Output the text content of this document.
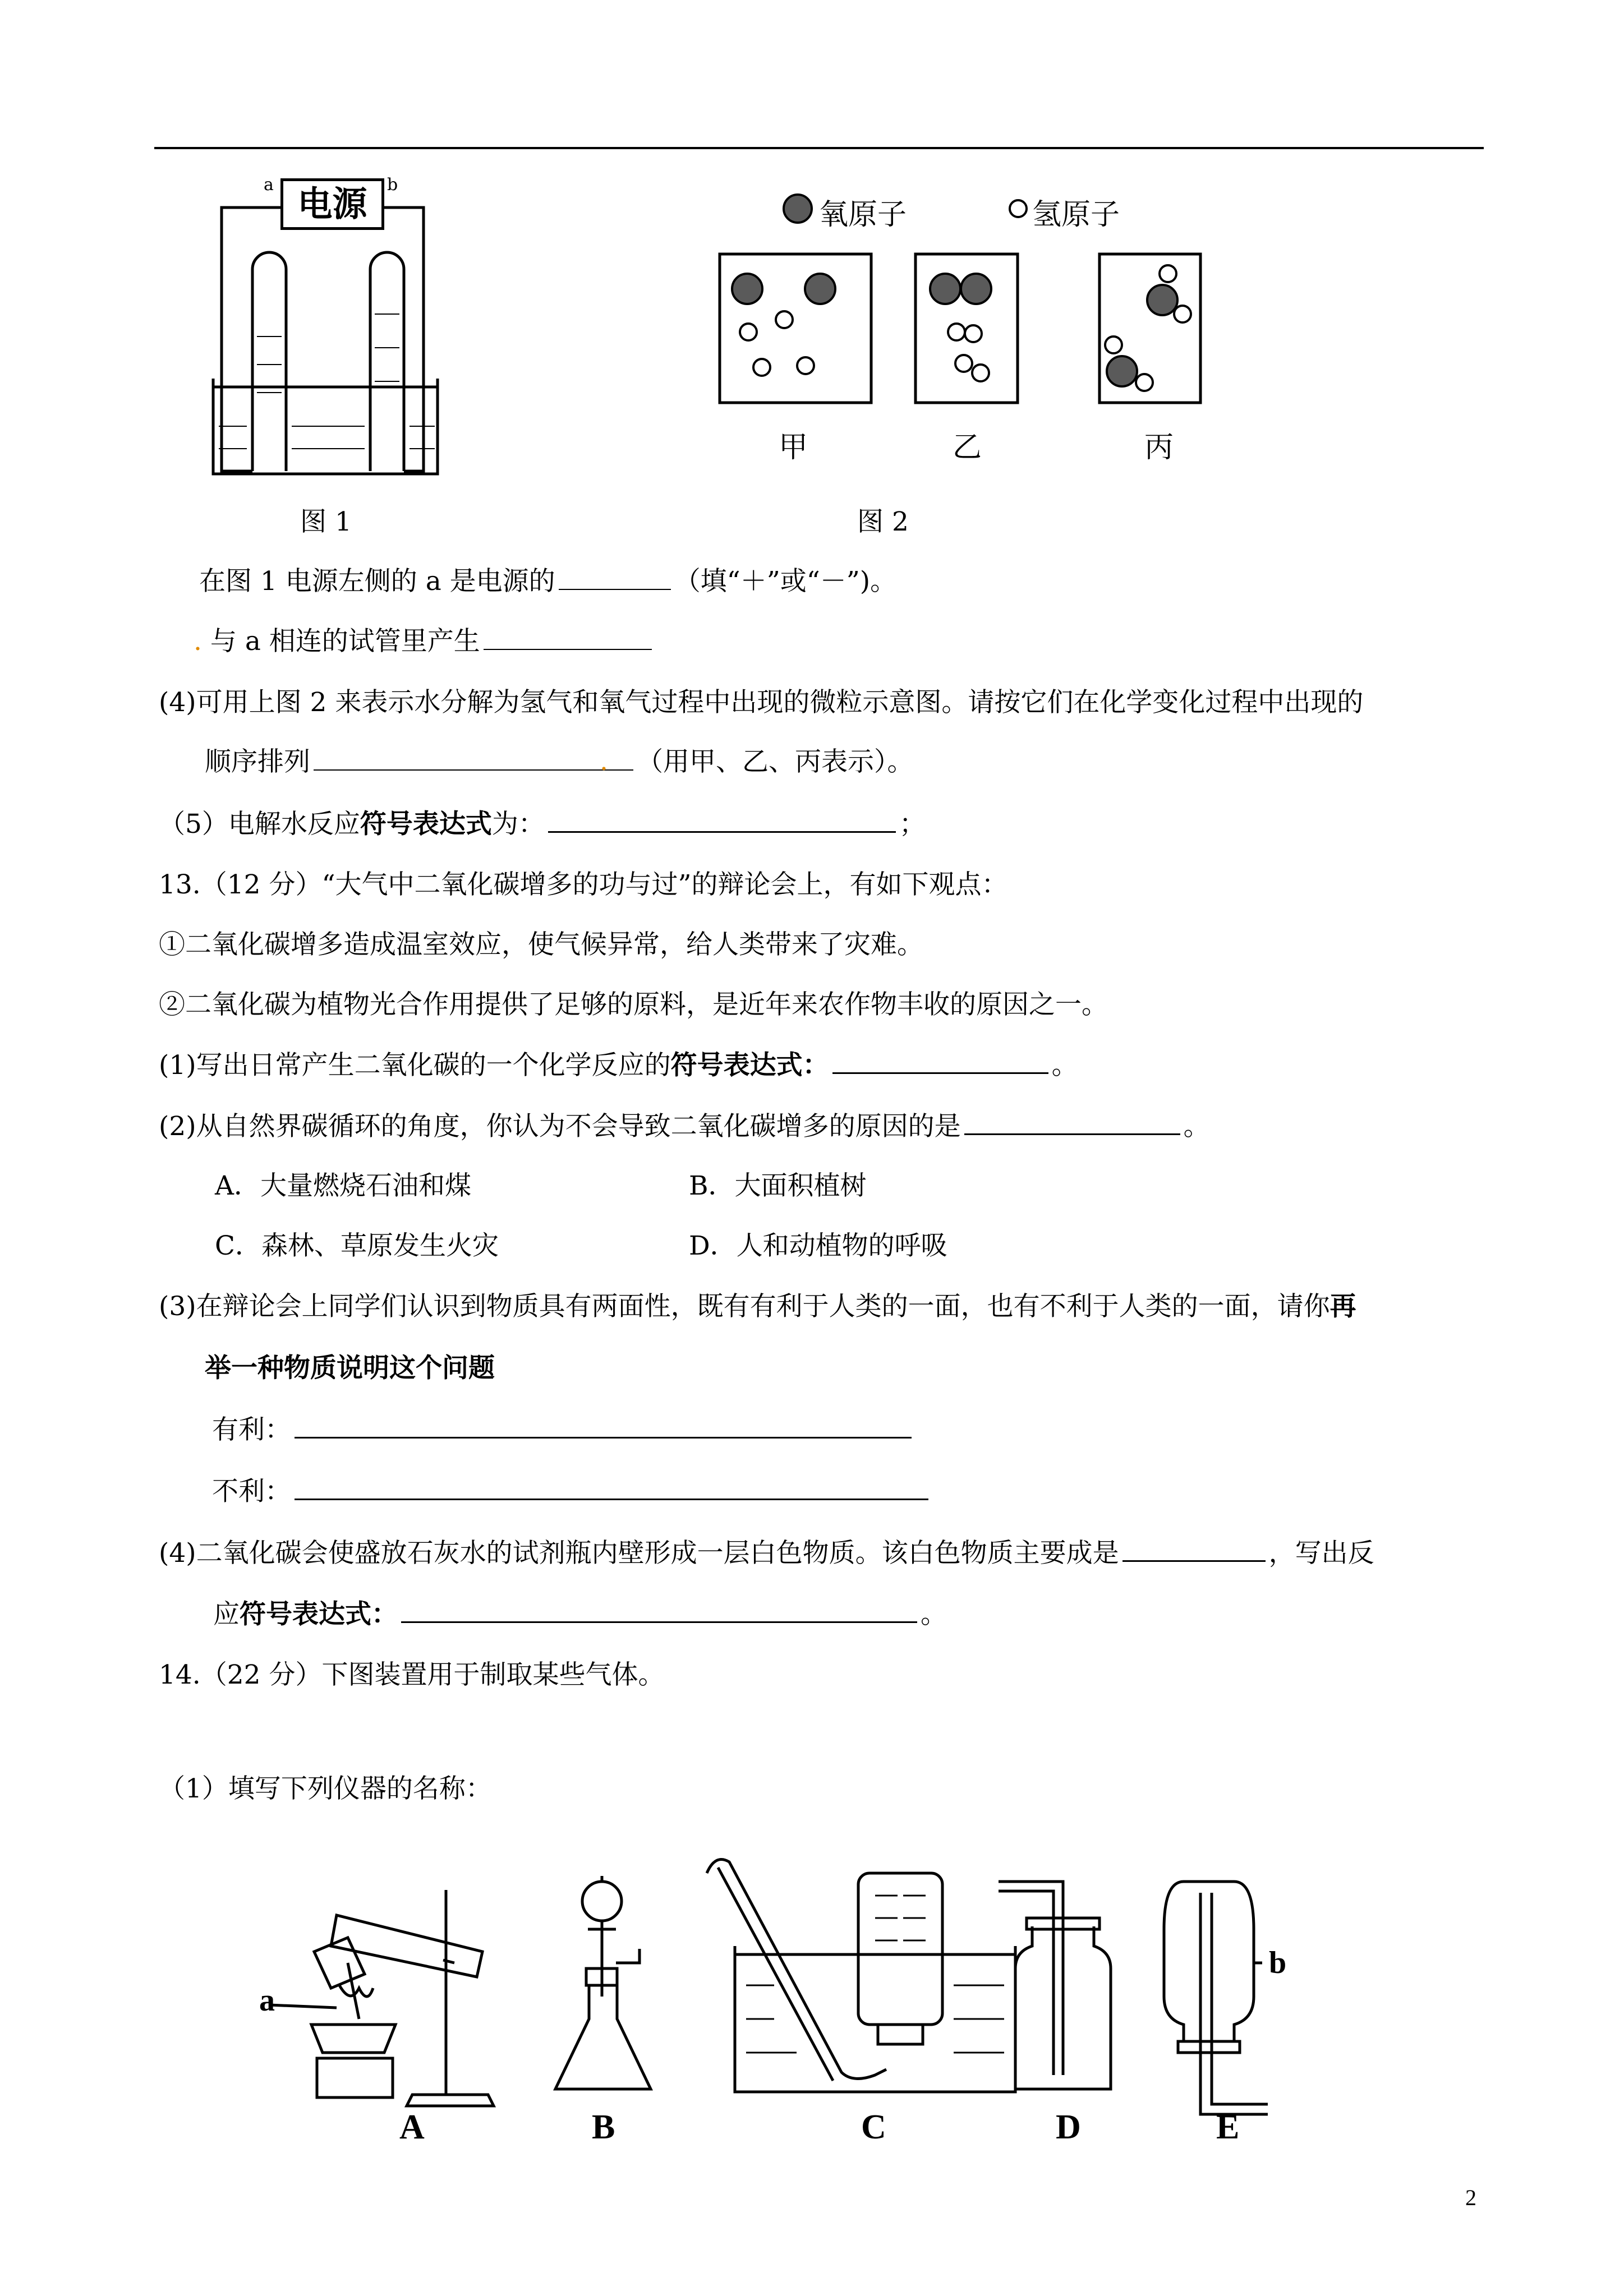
电源
a	b
图 1
氧原子	氢原子
甲	乙	丙
图 2
在图 1 电源左侧的 a 是电源的	（填“＋”或“－”)。
. 与 a 相连的试管里产生
(4)可用上图 2 来表示水分解为氢气和氧气过程中出现的微粒示意图。请按它们在化学变化过程中出现的
顺序排列	. （用甲、乙、丙表示）。
（5）电解水反应符号表达式为：	；
13.（12 分）“大气中二氧化碳增多的功与过”的辩论会上，有如下观点：
①二氧化碳增多造成温室效应，使气候异常，给人类带来了灾难。
②二氧化碳为植物光合作用提供了足够的原料，是近年来农作物丰收的原因之一。
(1)写出日常产生二氧化碳的一个化学反应的符号表达式：	。
(2)从自然界碳循环的角度，你认为不会导致二氧化碳增多的原因的是	。
A．大量燃烧石油和煤	B．大面积植树
C．森林、草原发生火灾	D．人和动植物的呼吸
(3)在辩论会上同学们认识到物质具有两面性，既有有利于人类的一面，也有不利于人类的一面，请你再
举一种物质说明这个问题
有利：
不利：
(4)二氧化碳会使盛放石灰水的试剂瓶内壁形成一层白色物质。该白色物质主要成是	，写出反
应符号表达式：	。
14.（22 分）下图装置用于制取某些气体。
（1）填写下列仪器的名称：
a
b
A	B	C	D	E
2
